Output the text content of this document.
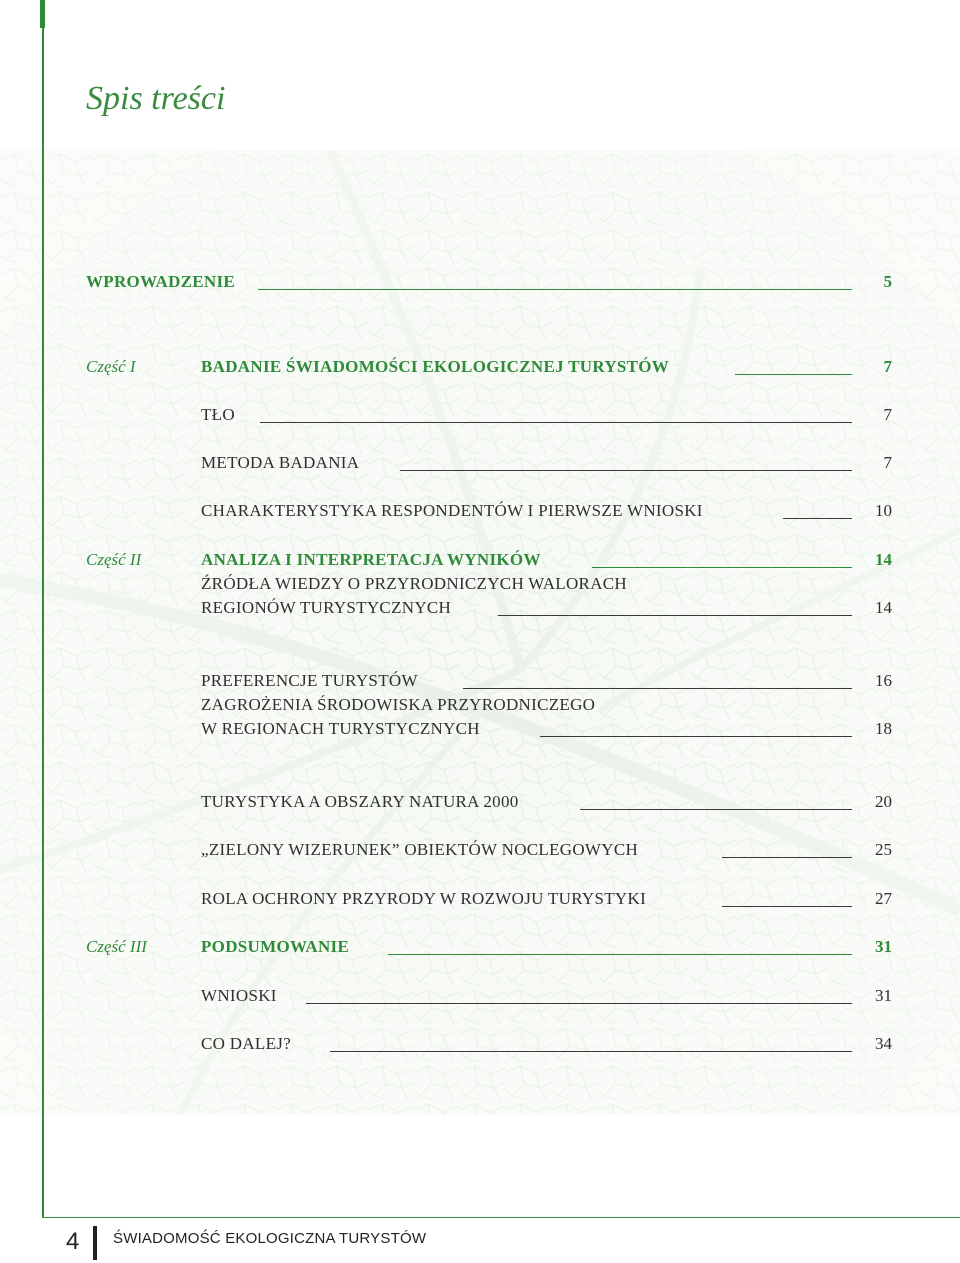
Spis treści
WPROWADZENIE	5
Część I	BADANIE ŚWIADOMOŚCI EKOLOGICZNEJ TURYSTÓW	7
TŁO	7
METODA BADANIA	7
CHARAKTERYSTYKA RESPONDENTÓW I PIERWSZE WNIOSKI	10
Część II	ANALIZA I INTERPRETACJA WYNIKÓW	14
ŹRÓDŁA WIEDZY O PRZYRODNICZYCH WALORACH
REGIONÓW TURYSTYCZNYCH	14
PREFERENCJE TURYSTÓW	16
ZAGROŻENIA ŚRODOWISKA PRZYRODNICZEGO
W REGIONACH TURYSTYCZNYCH	18
TURYSTYKA A OBSZARY NATURA 2000	20
„ZIELONY WIZERUNEK” OBIEKTÓW NOCLEGOWYCH	25
ROLA OCHRONY PRZYRODY W ROZWOJU TURYSTYKI	27
Część III	PODSUMOWANIE	31
WNIOSKI	31
CO DALEJ?	34
4 ŚWIADOMOŚĆ EKOLOGICZNA TURYSTÓW
